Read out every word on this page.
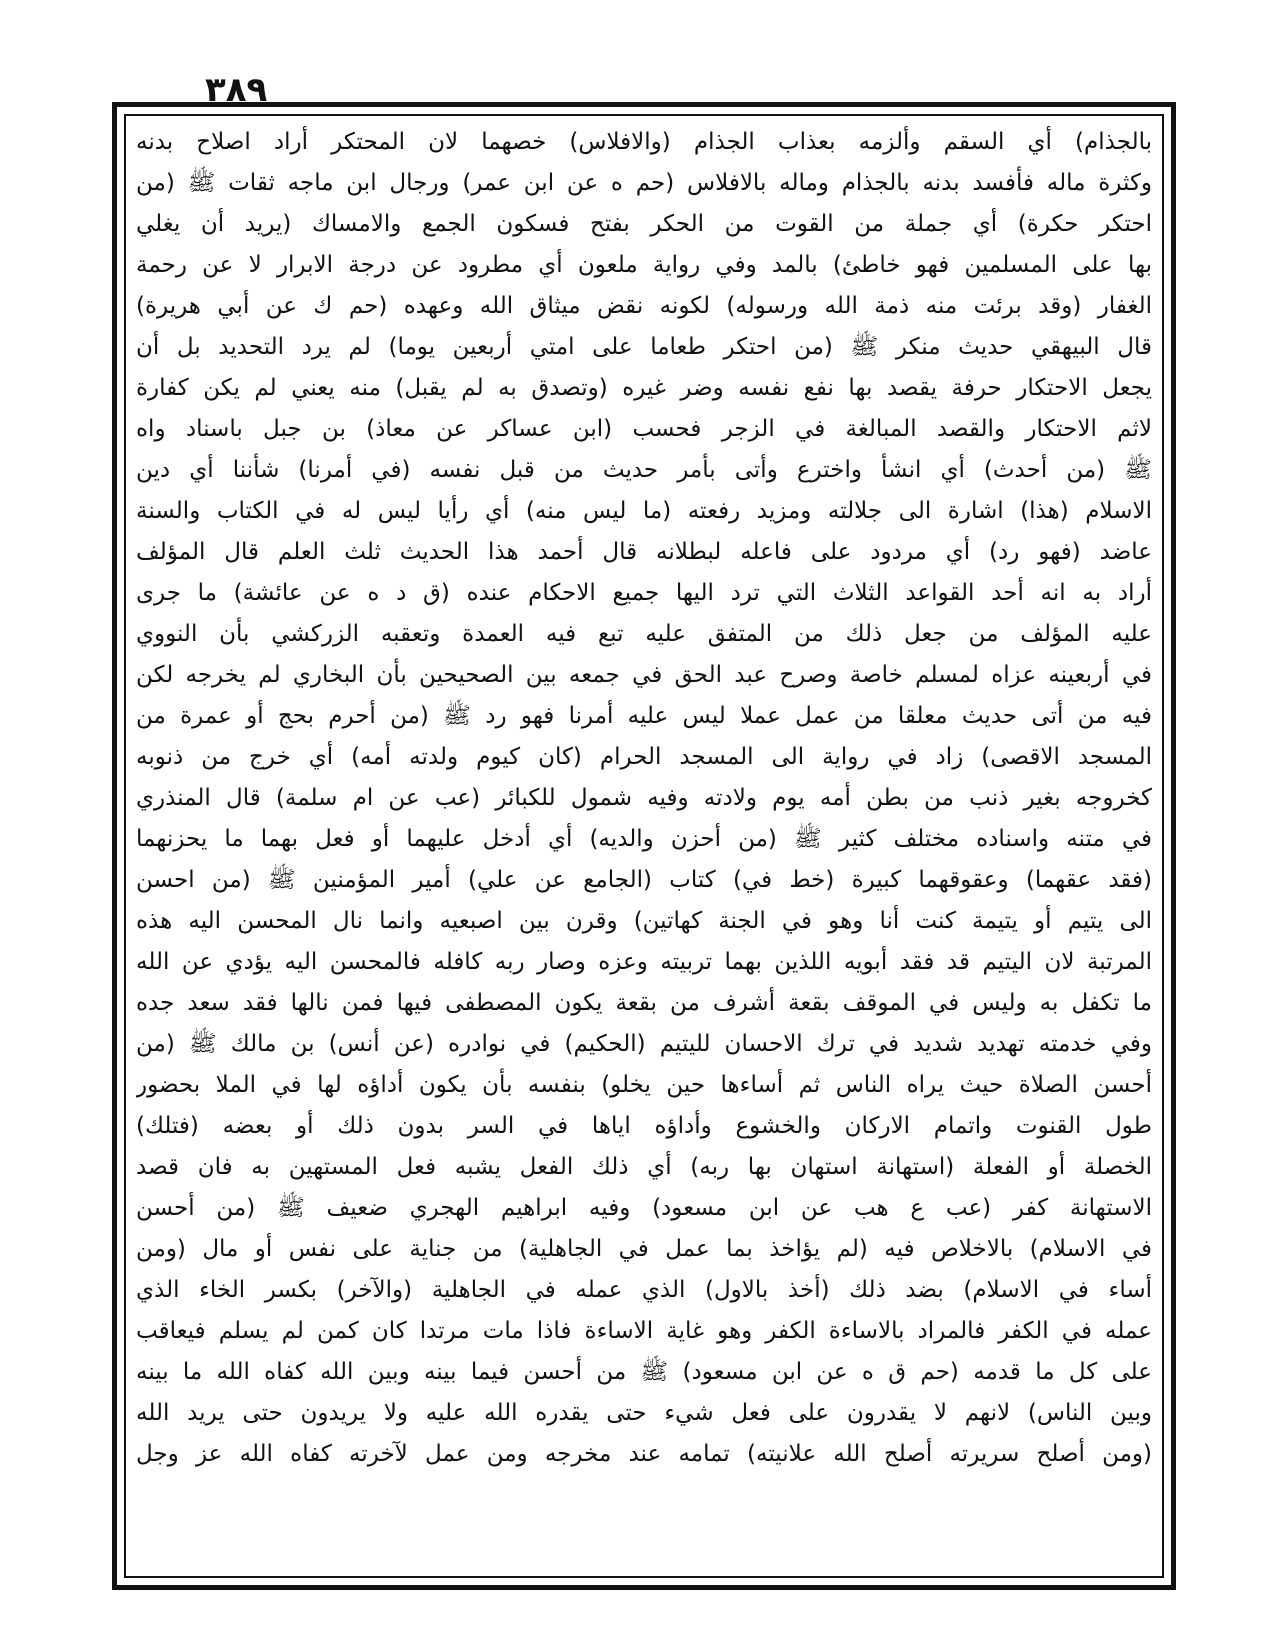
٣٨٩
بالجذام) أي السقم وألزمه بعذاب الجذام (والافلاس) خصهما لان المحتكر أراد اصلاح بدنه
وكثرة ماله فأفسد بدنه بالجذام وماله بالافلاس (حم ه عن ابن عمر) ورجال ابن ماجه ثقات ﷺ (من
احتكر حكرة) أي جملة من القوت من الحكر بفتح فسكون الجمع والامساك (يريد أن يغلي
بها على المسلمين فهو خاطئ) بالمد وفي رواية ملعون أي مطرود عن درجة الابرار لا عن رحمة
الغفار (وقد برئت منه ذمة الله ورسوله) لكونه نقض ميثاق الله وعهده (حم ك عن أبي هريرة)
قال البيهقي حديث منكر ﷺ (من احتكر طعاما على امتي أربعين يوما) لم يرد التحديد بل أن
يجعل الاحتكار حرفة يقصد بها نفع نفسه وضر غيره (وتصدق به لم يقبل) منه يعني لم يكن كفارة
لاثم الاحتكار والقصد المبالغة في الزجر فحسب (ابن عساكر عن معاذ) بن جبل باسناد واه
ﷺ (من أحدث) أي انشأ واخترع وأتى بأمر حديث من قبل نفسه (في أمرنا) شأننا أي دين
الاسلام (هذا) اشارة الى جلالته ومزيد رفعته (ما ليس منه) أي رأيا ليس له في الكتاب والسنة
عاضد (فهو رد) أي مردود على فاعله لبطلانه قال أحمد هذا الحديث ثلث العلم قال المؤلف
أراد به انه أحد القواعد الثلاث التي ترد اليها جميع الاحكام عنده (ق د ه عن عائشة) ما جرى
عليه المؤلف من جعل ذلك من المتفق عليه تبع فيه العمدة وتعقبه الزركشي بأن النووي
في أربعينه عزاه لمسلم خاصة وصرح عبد الحق في جمعه بين الصحيحين بأن البخاري لم يخرجه لكن
فيه من أتى حديث معلقا من عمل عملا ليس عليه أمرنا فهو رد ﷺ (من أحرم بحج أو عمرة من
المسجد الاقصى) زاد في رواية الى المسجد الحرام (كان كيوم ولدته أمه) أي خرج من ذنوبه
كخروجه بغير ذنب من بطن أمه يوم ولادته وفيه شمول للكبائر (عب عن ام سلمة) قال المنذري
في متنه واسناده مختلف كثير ﷺ (من أحزن والديه) أي أدخل عليهما أو فعل بهما ما يحزنهما
(فقد عقهما) وعقوقهما كبيرة (خط في) كتاب (الجامع عن علي) أمير المؤمنين ﷺ (من احسن
الى يتيم أو يتيمة كنت أنا وهو في الجنة كهاتين) وقرن بين اصبعيه وانما نال المحسن اليه هذه
المرتبة لان اليتيم قد فقد أبويه اللذين بهما تربيته وعزه وصار ربه كافله فالمحسن اليه يؤدي عن الله
ما تكفل به وليس في الموقف بقعة أشرف من بقعة يكون المصطفى فيها فمن نالها فقد سعد جده
وفي خدمته تهديد شديد في ترك الاحسان لليتيم (الحكيم) في نوادره (عن أنس) بن مالك ﷺ (من
أحسن الصلاة حيث يراه الناس ثم أساءها حين يخلو) بنفسه بأن يكون أداؤه لها في الملا بحضور
طول القنوت واتمام الاركان والخشوع وأداؤه اياها في السر بدون ذلك أو بعضه (فتلك)
الخصلة أو الفعلة (استهانة استهان بها ربه) أي ذلك الفعل يشبه فعل المستهين به فان قصد
الاستهانة كفر (عب ع هب عن ابن مسعود) وفيه ابراهيم الهجري ضعيف ﷺ (من أحسن
في الاسلام) بالاخلاص فيه (لم يؤاخذ بما عمل في الجاهلية) من جناية على نفس أو مال (ومن
أساء في الاسلام) بضد ذلك (أخذ بالاول) الذي عمله في الجاهلية (والآخر) بكسر الخاء الذي
عمله في الكفر فالمراد بالاساءة الكفر وهو غاية الاساءة فاذا مات مرتدا كان كمن لم يسلم فيعاقب
على كل ما قدمه (حم ق ه عن ابن مسعود) ﷺ من أحسن فيما بينه وبين الله كفاه الله ما بينه
وبين الناس) لانهم لا يقدرون على فعل شيء حتى يقدره الله عليه ولا يريدون حتى يريد الله
(ومن أصلح سريرته أصلح الله علانيته) تمامه عند مخرجه ومن عمل لآخرته كفاه الله عز وجل
